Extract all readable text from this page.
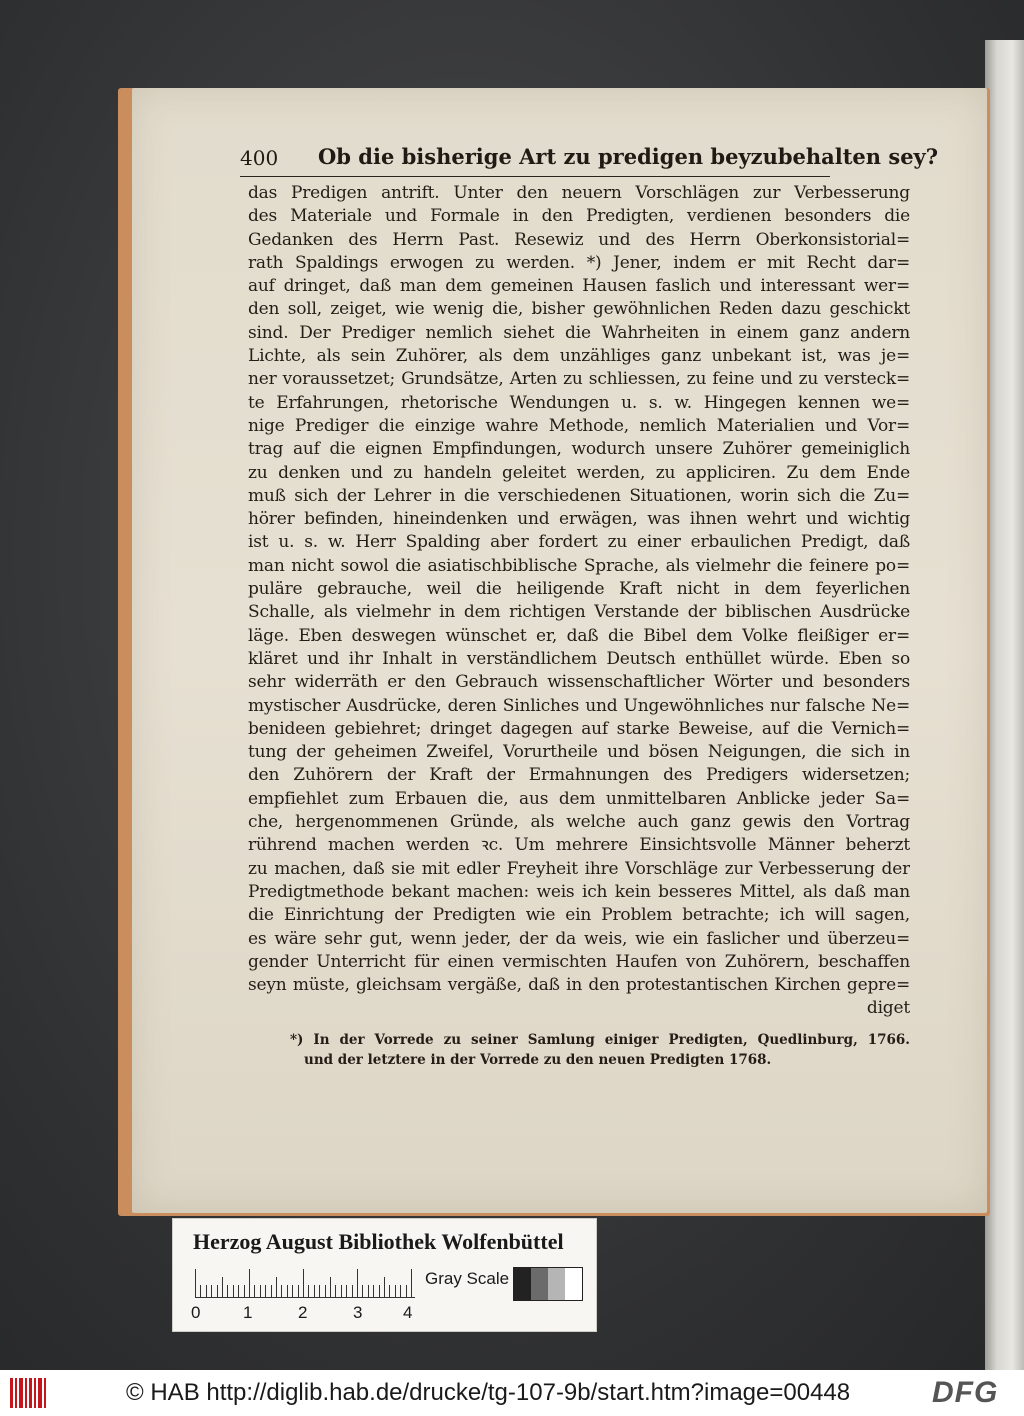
400 Ob die bisherige Art zu predigen beyzubehalten sey?
das Predigen antrift. Unter den neuern Vorschlägen zur Verbesserung
des Materiale und Formale in den Predigten, verdienen besonders die
Gedanken des Herrn Past. Resewiz und des Herrn Oberkonsistorial=
rath Spaldings erwogen zu werden. *) Jener, indem er mit Recht dar=
auf dringet, daß man dem gemeinen Hausen faslich und interessant wer=
den soll, zeiget, wie wenig die, bisher gewöhnlichen Reden dazu geschickt
sind. Der Prediger nemlich siehet die Wahrheiten in einem ganz andern
Lichte, als sein Zuhörer, als dem unzähliges ganz unbekant ist, was je=
ner voraussetzet; Grundsätze, Arten zu schliessen, zu feine und zu versteck=
te Erfahrungen, rhetorische Wendungen u. s. w. Hingegen kennen we=
nige Prediger die einzige wahre Methode, nemlich Materialien und Vor=
trag auf die eignen Empfindungen, wodurch unsere Zuhörer gemeiniglich
zu denken und zu handeln geleitet werden, zu appliciren. Zu dem Ende
muß sich der Lehrer in die verschiedenen Situationen, worin sich die Zu=
hörer befinden, hineindenken und erwägen, was ihnen wehrt und wichtig
ist u. s. w. Herr Spalding aber fordert zu einer erbaulichen Predigt, daß
man nicht sowol die asiatischbiblische Sprache, als vielmehr die feinere po=
puläre gebrauche, weil die heiligende Kraft nicht in dem feyerlichen
Schalle, als vielmehr in dem richtigen Verstande der biblischen Ausdrücke
läge. Eben deswegen wünschet er, daß die Bibel dem Volke fleißiger er=
kläret und ihr Inhalt in verständlichem Deutsch enthüllet würde. Eben so
sehr widerräth er den Gebrauch wissenschaftlicher Wörter und besonders
mystischer Ausdrücke, deren Sinliches und Ungewöhnliches nur falsche Ne=
benideen gebiehret; dringet dagegen auf starke Beweise, auf die Vernich=
tung der geheimen Zweifel, Vorurtheile und bösen Neigungen, die sich in
den Zuhörern der Kraft der Ermahnungen des Predigers widersetzen;
empfiehlet zum Erbauen die, aus dem unmittelbaren Anblicke jeder Sa=
che, hergenommenen Gründe, als welche auch ganz gewis den Vortrag
rührend machen werden ꝛc. Um mehrere Einsichtsvolle Männer beherzt
zu machen, daß sie mit edler Freyheit ihre Vorschläge zur Verbesserung der
Predigtmethode bekant machen: weis ich kein besseres Mittel, als daß man
die Einrichtung der Predigten wie ein Problem betrachte; ich will sagen,
es wäre sehr gut, wenn jeder, der da weis, wie ein faslicher und überzeu=
gender Unterricht für einen vermischten Haufen von Zuhörern, beschaffen
seyn müste, gleichsam vergäße, daß in den protestantischen Kirchen gepre=
diget
*) In der Vorrede zu seiner Samlung einiger Predigten, Quedlinburg, 1766.
und der letztere in der Vorrede zu den neuen Predigten 1768.
Herzog August Bibliothek Wolfenbüttel
0	1	2	3 4
Gray Scale
© HAB http://diglib.hab.de/drucke/tg-107-9b/start.htm?image=00448	DFG
